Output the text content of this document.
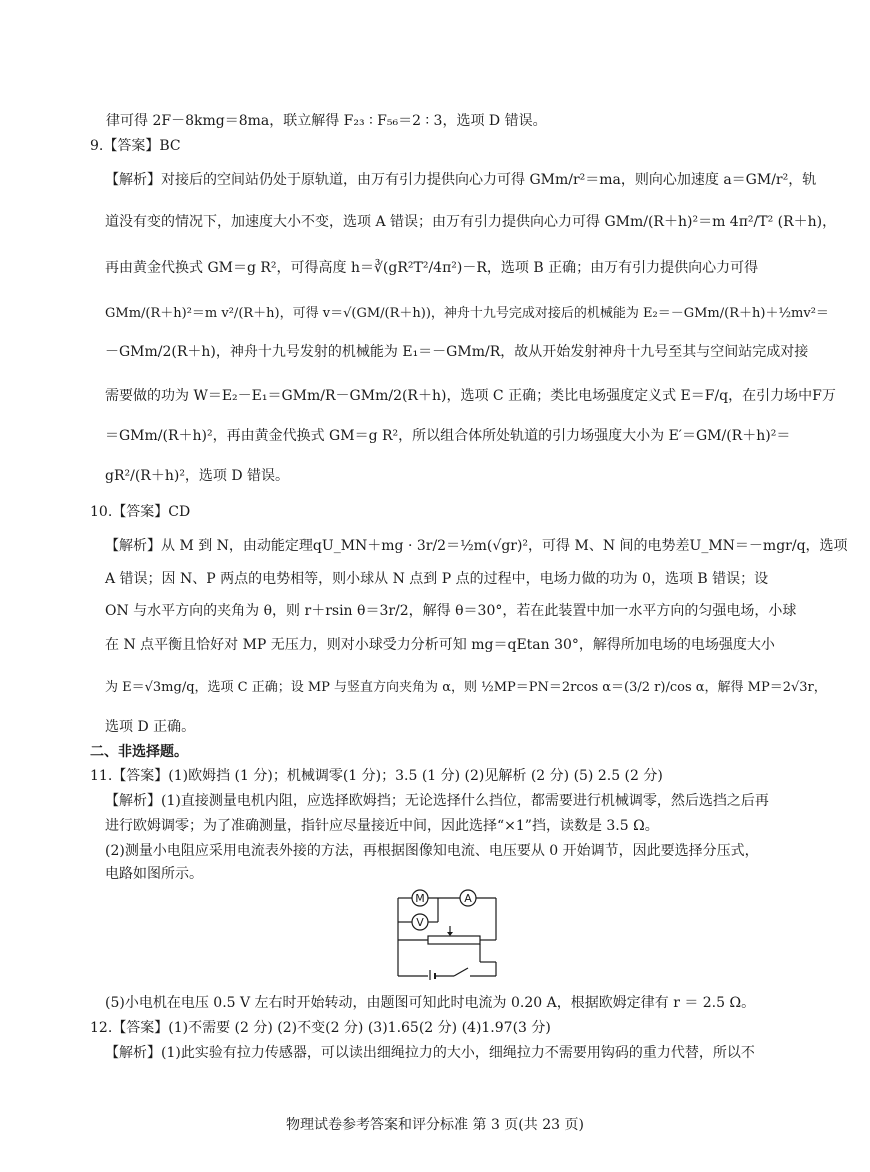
律可得 2F－8kmg＝8ma，联立解得 F₂₃ ∶ F₅₆＝2 ∶ 3，选项 D 错误。
9.【答案】BC
【解析】对接后的空间站仍处于原轨道，由万有引力提供向心力可得 GMm/r²＝ma，则向心加速度 a＝GM/r²，轨
道没有变的情况下，加速度大小不变，选项 A 错误；由万有引力提供向心力可得 GMm/(R＋h)²＝m 4π²/T² (R＋h)，
再由黄金代换式 GM＝g R²，可得高度 h＝∛(gR²T²/4π²)－R，选项 B 正确；由万有引力提供向心力可得
GMm/(R＋h)²＝m v²/(R＋h)，可得 v＝√(GM/(R＋h))，神舟十九号完成对接后的机械能为 E₂＝－GMm/(R＋h)＋½mv²＝
－GMm/2(R＋h)，神舟十九号发射的机械能为 E₁＝－GMm/R，故从开始发射神舟十九号至其与空间站完成对接
需要做的功为 W＝E₂－E₁＝GMm/R－GMm/2(R＋h)，选项 C 正确；类比电场强度定义式 E＝F/q，在引力场中F万
＝GMm/(R＋h)²，再由黄金代换式 GM＝g R²，所以组合体所处轨道的引力场强度大小为 E′＝GM/(R＋h)²＝
gR²/(R＋h)²，选项 D 错误。
10.【答案】CD
【解析】从 M 到 N，由动能定理qU_MN＋mg · 3r/2＝½m(√gr)²，可得 M、N 间的电势差U_MN＝－mgr/q，选项
A 错误；因 N、P 两点的电势相等，则小球从 N 点到 P 点的过程中，电场力做的功为 0，选项 B 错误；设
ON 与水平方向的夹角为 θ，则 r＋rsin θ＝3r/2，解得 θ＝30°，若在此装置中加一水平方向的匀强电场，小球
在 N 点平衡且恰好对 MP 无压力，则对小球受力分析可知 mg＝qEtan 30°，解得所加电场的电场强度大小
为 E＝√3mg/q，选项 C 正确；设 MP 与竖直方向夹角为 α，则 ½MP＝PN＝2rcos α＝(3/2 r)/cos α，解得 MP＝2√3r，
选项 D 正确。
二、非选择题。
11.【答案】(1)欧姆挡 (1 分)；机械调零(1 分)；3.5 (1 分) (2)见解析 (2 分) (5) 2.5 (2 分)
【解析】(1)直接测量电机内阻，应选择欧姆挡；无论选择什么挡位，都需要进行机械调零，然后选挡之后再
进行欧姆调零；为了准确测量，指针应尽量接近中间，因此选择“×1”挡，读数是 3.5 Ω。
(2)测量小电阻应采用电流表外接的方法，再根据图像知电流、电压要从 0 开始调节，因此要选择分压式，
电路如图所示。
M	A
V
(5)小电机在电压 0.5 V 左右时开始转动，由题图可知此时电流为 0.20 A，根据欧姆定律有 r ＝ 2.5 Ω。
12.【答案】(1)不需要 (2 分) (2)不变(2 分) (3)1.65(2 分) (4)1.97(3 分)
【解析】(1)此实验有拉力传感器，可以读出细绳拉力的大小，细绳拉力不需要用钩码的重力代替，所以不
物理试卷参考答案和评分标准 第 3 页(共 23 页)
